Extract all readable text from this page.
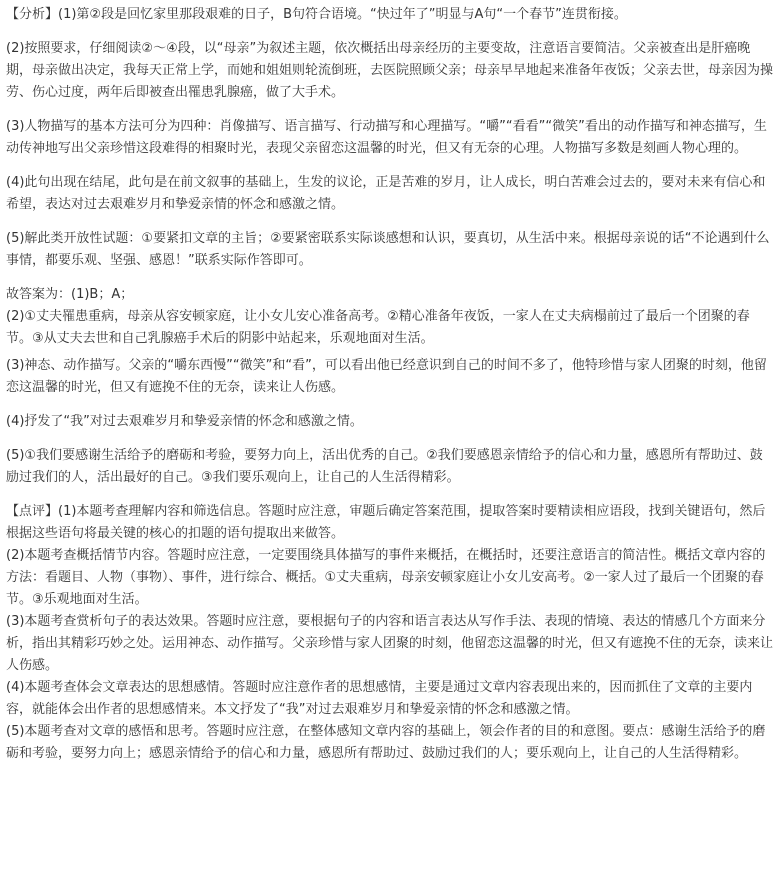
【分析】(1)第②段是回忆家里那段艰难的日子，B句符合语境。“快过年了”明显与A句“一个春节”连贯衔接。

(2)按照要求，仔细阅读②～④段，以“母亲”为叙述主题，依次概括出母亲经历的主要变故，注意语言要简洁。父亲被查出是肝癌晚期，母亲做出决定，我每天正常上学，而她和姐姐则轮流倒班，去医院照顾父亲；母亲早早地起来准备年夜饭；父亲去世，母亲因为操劳、伤心过度，两年后即被查出罹患乳腺癌，做了大手术。

(3)人物描写的基本方法可分为四种：肖像描写、语言描写、行动描写和心理描写。“嚼”“看看”“微笑”看出的动作描写和神态描写，生动传神地写出父亲珍惜这段难得的相聚时光，表现父亲留恋这温馨的时光，但又有无奈的心理。人物描写多数是刻画人物心理的。

(4)此句出现在结尾，此句是在前文叙事的基础上，生发的议论，正是苦难的岁月，让人成长，明白苦难会过去的，要对未来有信心和希望，表达对过去艰难岁月和挚爱亲情的怀念和感激之情。

(5)解此类开放性试题：①要紧扣文章的主旨；②要紧密联系实际谈感想和认识，要真切，从生活中来。根据母亲说的话“不论遇到什么事情，都要乐观、坚强、感恩！”联系实际作答即可。

故答案为：(1)B；A；

(2)①丈夫罹患重病，母亲从容安顿家庭，让小女儿安心准备高考。②精心准备年夜饭，一家人在丈夫病榻前过了最后一个团聚的春节。③从丈夫去世和自己乳腺癌手术后的阴影中站起来，乐观地面对生活。

(3)神态、动作描写。父亲的“嚼东西慢”“微笑”和“看”，可以看出他已经意识到自己的时间不多了，他特珍惜与家人团聚的时刻，他留恋这温馨的时光，但又有遮挽不住的无奈，读来让人伤感。

(4)抒发了“我”对过去艰难岁月和挚爱亲情的怀念和感激之情。

(5)①我们要感谢生活给予的磨砺和考验，要努力向上，活出优秀的自己。②我们要感恩亲情给予的信心和力量，感恩所有帮助过、鼓励过我们的人，活出最好的自己。③我们要乐观向上，让自己的人生活得精彩。

【点评】(1)本题考查理解内容和筛选信息。答题时应注意，审题后确定答案范围，提取答案时要精读相应语段，找到关键语句，然后根据这些语句将最关键的核心的扣题的语句提取出来做答。

(2)本题考查概括情节内容。答题时应注意，一定要围绕具体描写的事件来概括，在概括时，还要注意语言的简洁性。概括文章内容的方法：看题目、人物（事物）、事件，进行综合、概括。①丈夫重病，母亲安顿家庭让小女儿安高考。②一家人过了最后一个团聚的春节。③乐观地面对生活。

(3)本题考查赏析句子的表达效果。答题时应注意，要根据句子的内容和语言表达从写作手法、表现的情境、表达的情感几个方面来分析，指出其精彩巧妙之处。运用神态、动作描写。父亲珍惜与家人团聚的时刻，他留恋这温馨的时光，但又有遮挽不住的无奈，读来让人伤感。

(4)本题考查体会文章表达的思想感情。答题时应注意作者的思想感情，主要是通过文章内容表现出来的，因而抓住了文章的主要内容，就能体会出作者的思想感情来。本文抒发了“我”对过去艰难岁月和挚爱亲情的怀念和感激之情。

(5)本题考查对文章的感悟和思考。答题时应注意，在整体感知文章内容的基础上，领会作者的目的和意图。要点：感谢生活给予的磨砺和考验，要努力向上；感恩亲情给予的信心和力量，感恩所有帮助过、鼓励过我们的人；要乐观向上，让自己的人生活得精彩。
